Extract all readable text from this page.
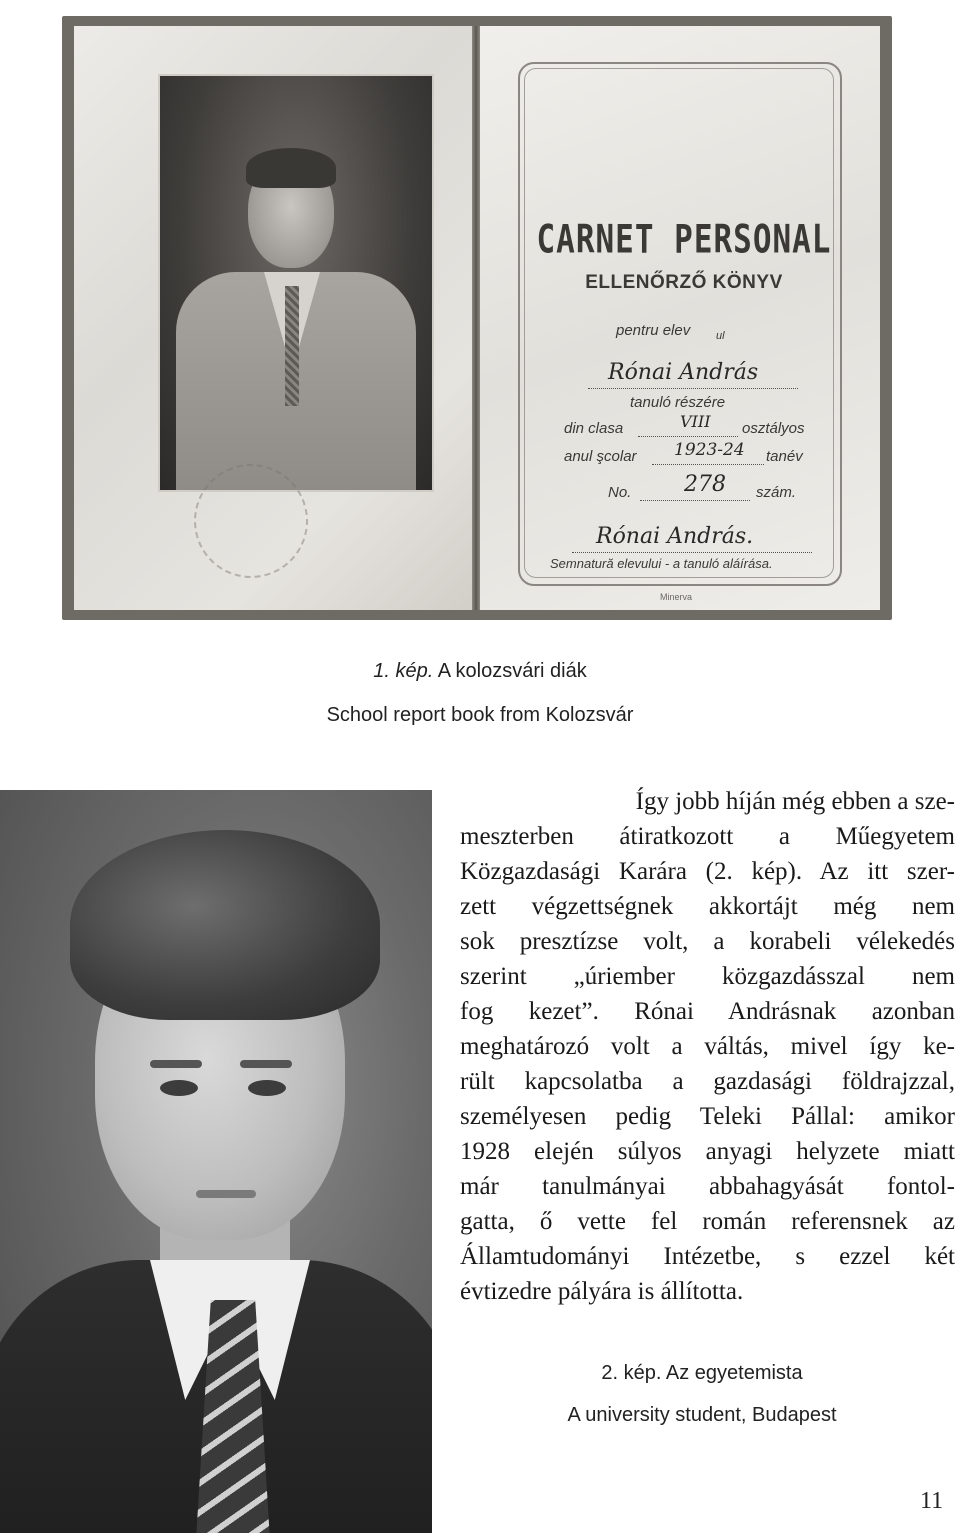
CARNET PERSONAL
ELLENŐRZŐ KÖNYV
pentru elev ul
Rónai András
tanuló részére
din clasa	VIII osztályos
anul şcolar 1923-24 tanév
No. 278 szám.
Rónai András.
Semnatură elevului - a tanuló aláírása.
Minerva
1. kép. A kolozsvári diák
School report book from Kolozsvár
Így jobb híján még ebben a sze-
meszterben átiratkozott a Műegyetem
Közgazdasági Karára (2. kép). Az itt szer-
zett végzettségnek akkortájt még nem
sok presztízse volt, a korabeli vélekedés
szerint „úriember közgazdásszal nem
fog kezet”. Rónai Andrásnak azonban
meghatározó volt a váltás, mivel így ke-
rült kapcsolatba a gazdasági földrajzzal,
személyesen pedig Teleki Pállal: amikor
1928 elején súlyos anyagi helyzete miatt
már tanulmányai abbahagyását fontol-
gatta, ő vette fel román referensnek az
Államtudományi Intézetbe, s ezzel két
évtizedre pályára is állította.
2. kép. Az egyetemista
A university student, Budapest
11
